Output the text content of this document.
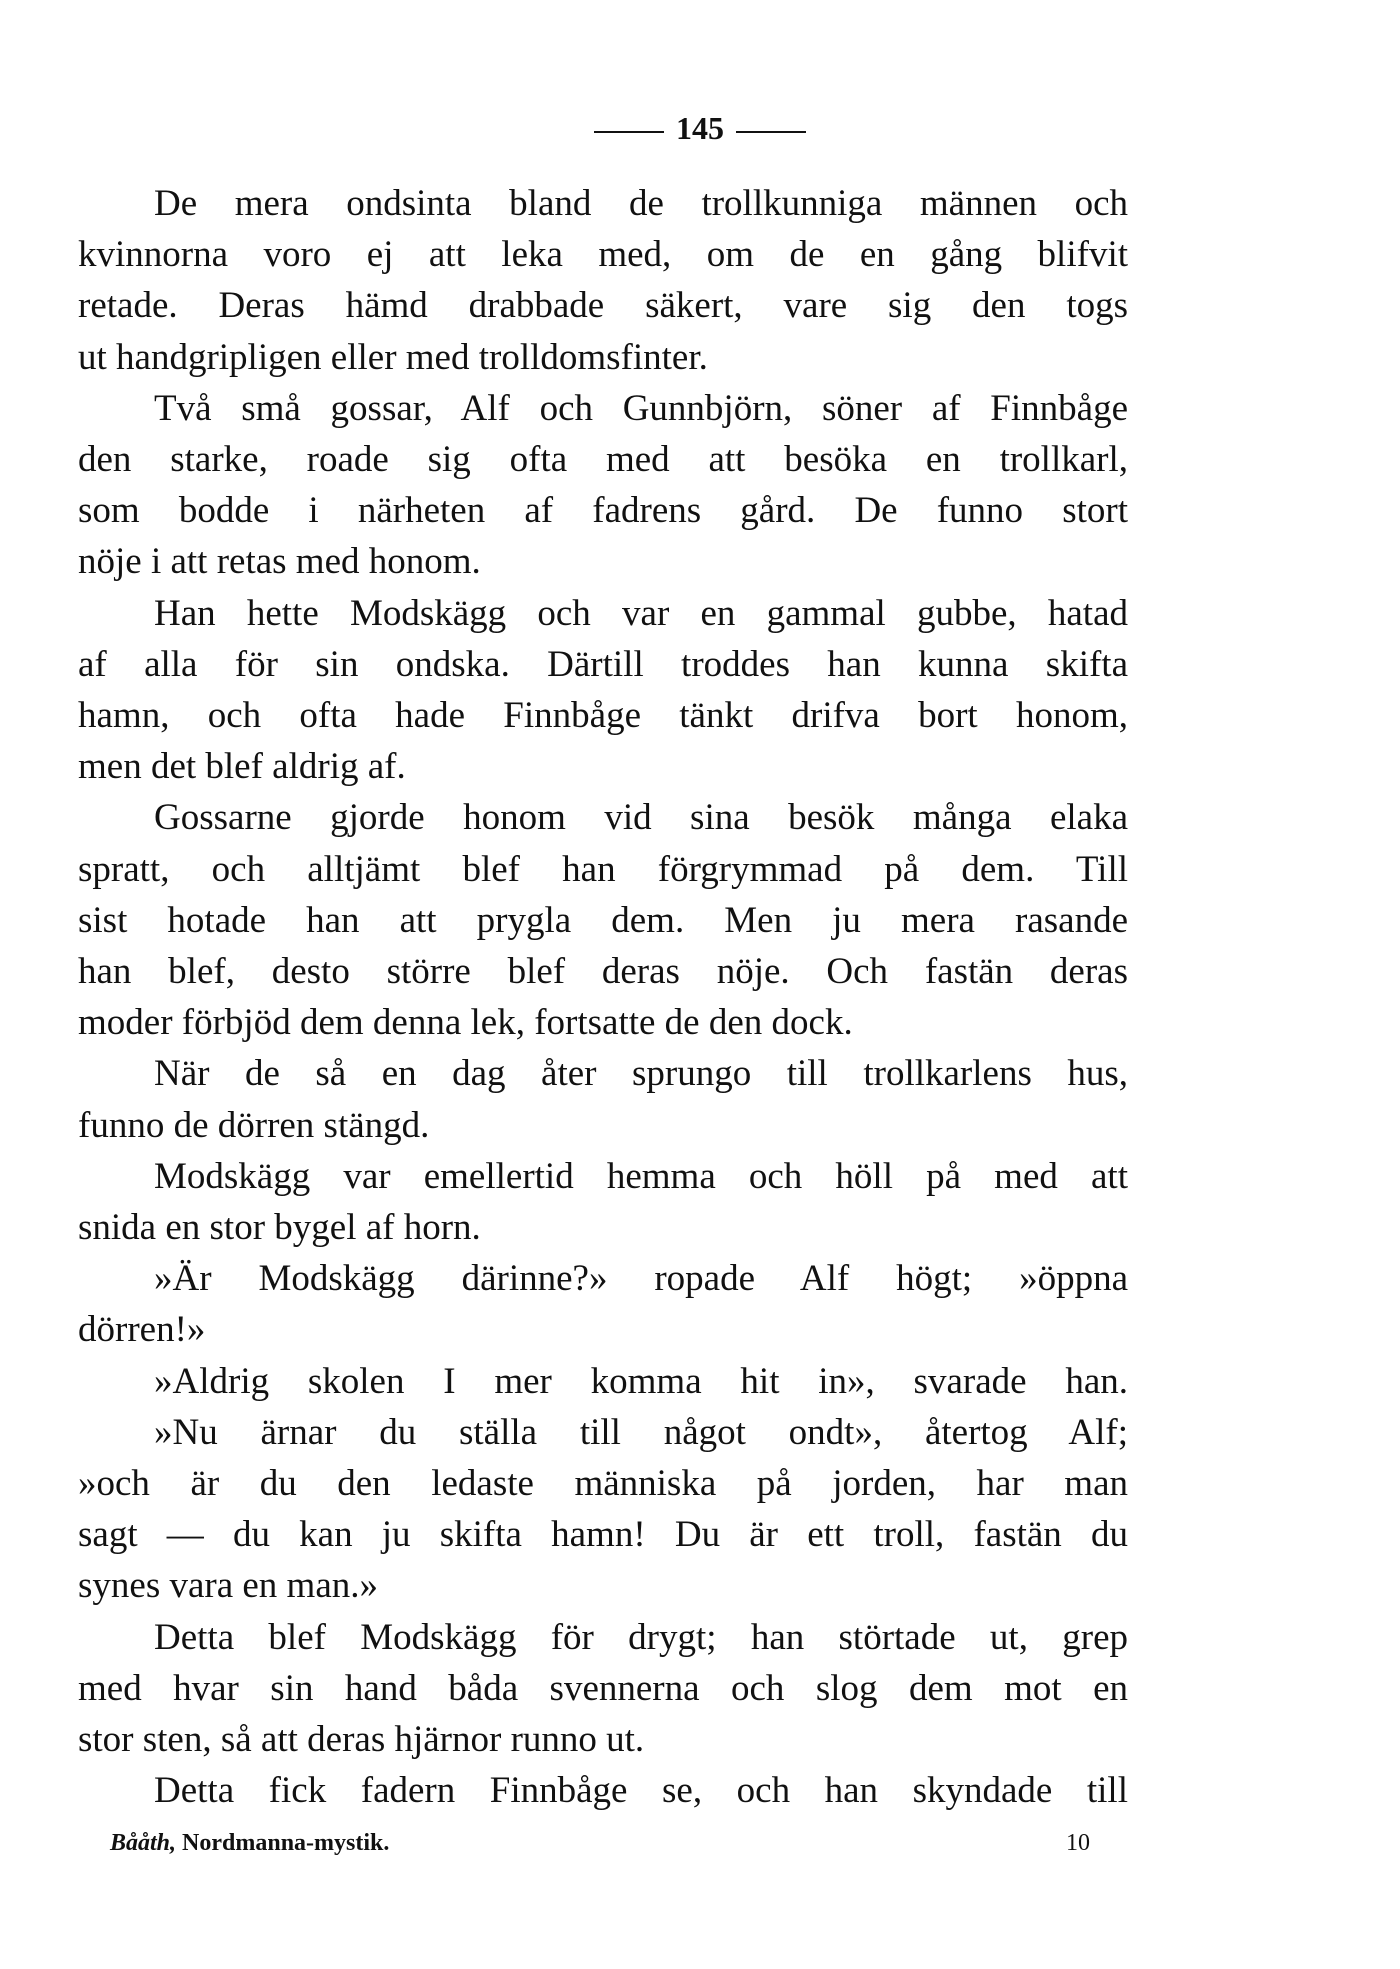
145
De mera ondsinta bland de trollkunniga männen och
kvinnorna voro ej att leka med, om de en gång blifvit
retade. Deras hämd drabbade säkert, vare sig den togs
ut handgripligen eller med trolldomsfinter.
Två små gossar, Alf och Gunnbjörn, söner af Finnbåge
den starke, roade sig ofta med att besöka en trollkarl,
som bodde i närheten af fadrens gård. De funno stort
nöje i att retas med honom.
Han hette Modskägg och var en gammal gubbe, hatad
af alla för sin ondska. Därtill troddes han kunna skifta
hamn, och ofta hade Finnbåge tänkt drifva bort honom,
men det blef aldrig af.
Gossarne gjorde honom vid sina besök många elaka
spratt, och alltjämt blef han förgrymmad på dem. Till
sist hotade han att prygla dem. Men ju mera rasande
han blef, desto större blef deras nöje. Och fastän deras
moder förbjöd dem denna lek, fortsatte de den dock.
När de så en dag åter sprungo till trollkarlens hus,
funno de dörren stängd.
Modskägg var emellertid hemma och höll på med att
snida en stor bygel af horn.
»Är Modskägg därinne?» ropade Alf högt; »öppna
dörren!»
»Aldrig skolen I mer komma hit in», svarade han.
»Nu ärnar du ställa till något ondt», återtog Alf;
»och är du den ledaste människa på jorden, har man
sagt — du kan ju skifta hamn! Du är ett troll, fastän du
synes vara en man.»
Detta blef Modskägg för drygt; han störtade ut, grep
med hvar sin hand båda svennerna och slog dem mot en
stor sten, så att deras hjärnor runno ut.
Detta fick fadern Finnbåge se, och han skyndade till
Bååth, Nordmanna-mystik.	10
